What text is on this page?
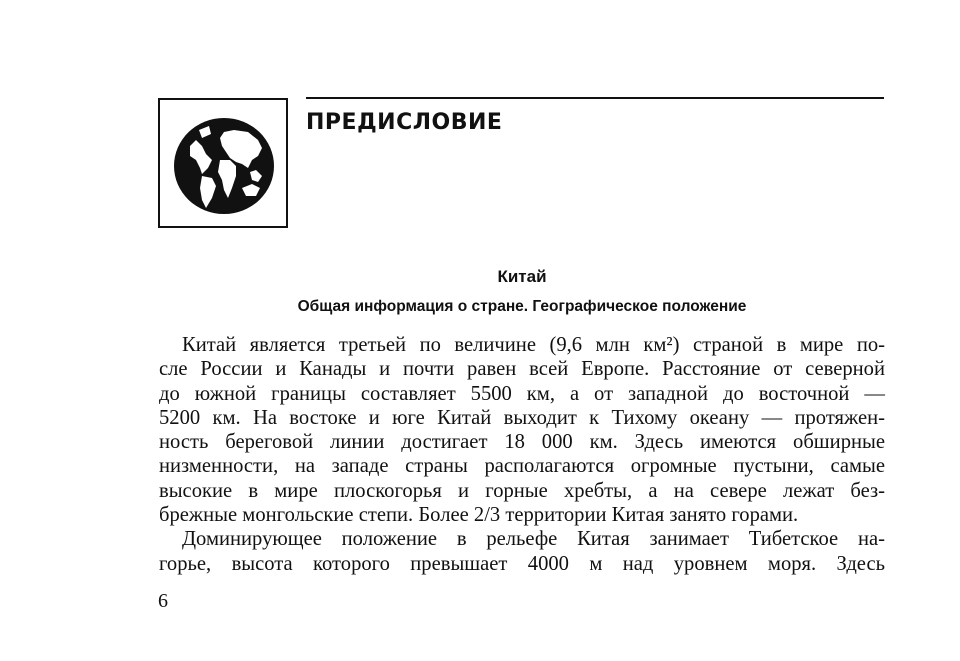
ПРЕДИСЛОВИЕ
Китай
Общая информация о стране. Географическое положение
Китай является третьей по величине (9,6 млн км²) страной в мире по-
сле России и Канады и почти равен всей Европе. Расстояние от северной
до южной границы составляет 5500 км, а от западной до восточной —
5200 км. На востоке и юге Китай выходит к Тихому океану — протяжен-
ность береговой линии достигает 18 000 км. Здесь имеются обширные
низменности, на западе страны располагаются огромные пустыни, самые
высокие в мире плоскогорья и горные хребты, а на севере лежат без-
брежные монгольские степи. Более 2/3 территории Китая занято горами.
Доминирующее положение в рельефе Китая занимает Тибетское на-
горье, высота которого превышает 4000 м над уровнем моря. Здесь
6
